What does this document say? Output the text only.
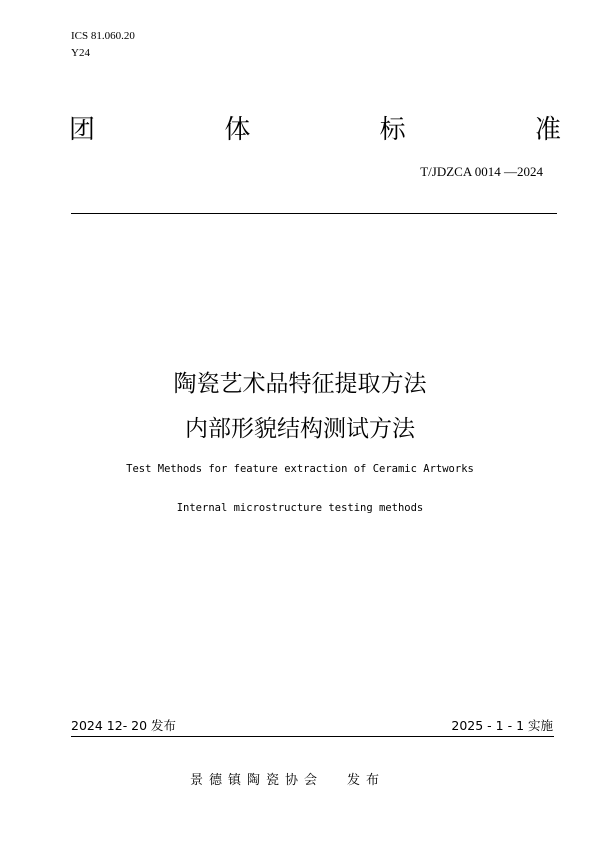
ICS 81.060.20
Y24
团	体	标	准
T/JDZCA 0014 —2024
陶瓷艺术品特征提取方法
内部形貌结构测试方法
Test Methods for feature extraction of Ceramic Artworks
Internal microstructure testing methods
2024 12- 20 发布	2025 - 1 - 1 实施
景德镇陶瓷协会 发布
